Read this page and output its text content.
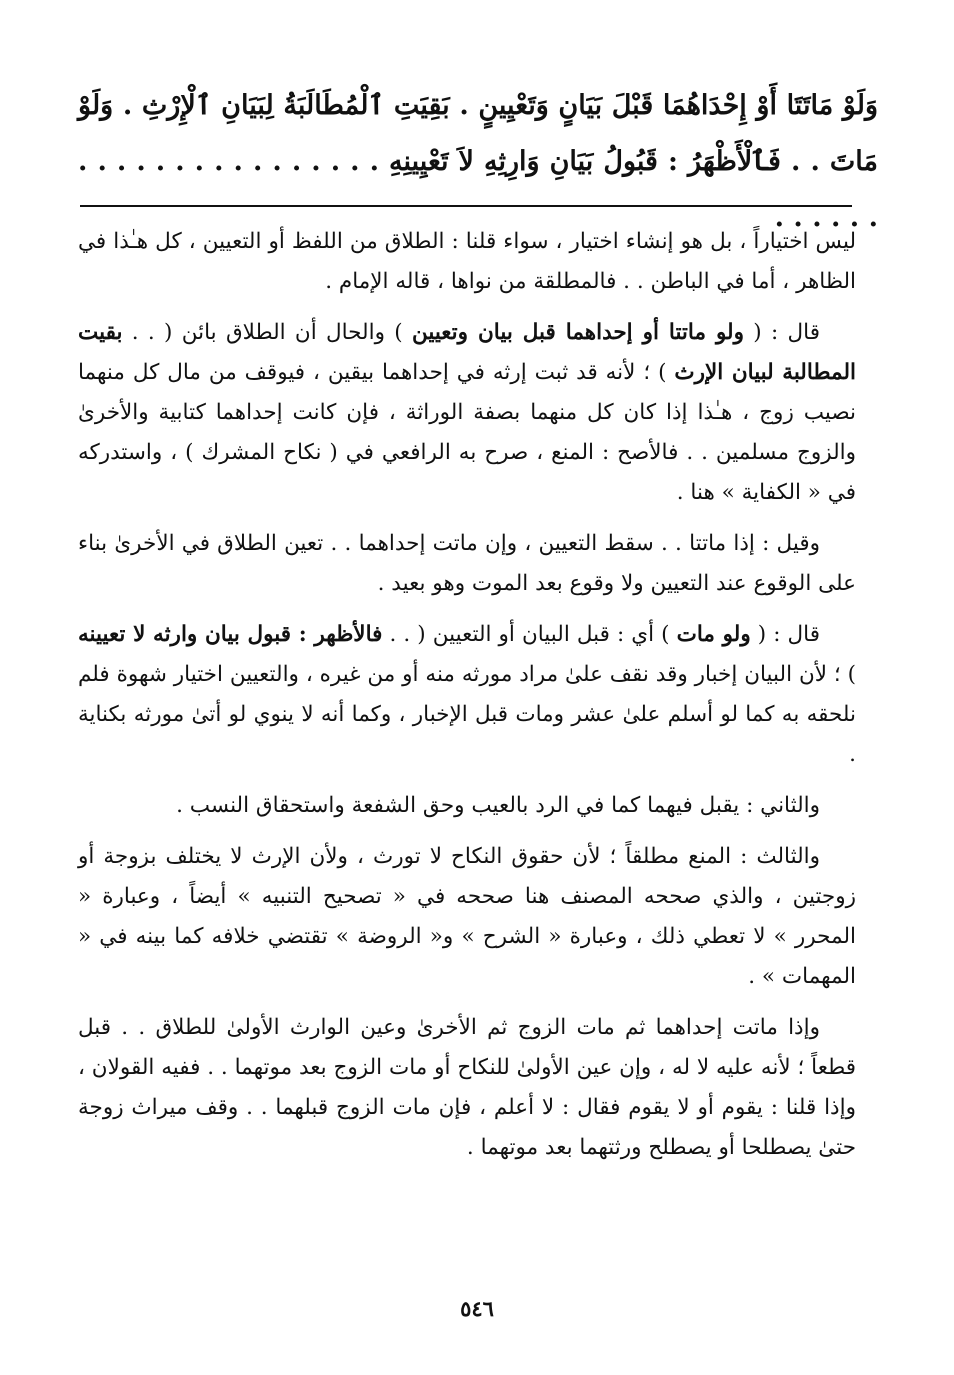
وَلَوْ مَاتَتَا أَوْ إِحْدَاهُمَا قَبْلَ بَيَانٍ وَتَعْيِينٍ . بَقِيَتِ ٱلْمُطَالَبَةُ لِبَيَانِ ٱلْإِرْثِ . وَلَوْ مَاتَ . . فَٱلْأَظْهَرُ : قَبُولُ بَيَانِ وَارِثِهِ لاَ تَعْيِينِهِ . . . . . . . . . . . . . . . . . . . . . .

ليس اختياراً ، بل هو إنشاء اختيار ، سواء قلنا : الطلاق من اللفظ أو التعيين ، كل هـٰذا في الظاهر ، أما في الباطن . . فالمطلقة من نواها ، قاله الإمام .

قال : ( ولو ماتتا أو إحداهما قبل بيان وتعيين ) والحال أن الطلاق بائن ( . . بقيت المطالبة لبيان الإرث ) ؛ لأنه قد ثبت إرثه في إحداهما بيقين ، فيوقف من مال كل منهما نصيب زوج ، هـٰذا إذا كان كل منهما بصفة الوراثة ، فإن كانت إحداهما كتابية والأخرىٰ والزوج مسلمين . . فالأصح : المنع ، صرح به الرافعي في ( نكاح المشرك ) ، واستدركه في « الكفاية » هنا .

وقيل : إذا ماتتا . . سقط التعيين ، وإن ماتت إحداهما . . تعين الطلاق في الأخرىٰ بناء على الوقوع عند التعيين ولا وقوع بعد الموت وهو بعيد .

قال : ( ولو مات ) أي : قبل البيان أو التعيين ( . . فالأظهر : قبول بيان وارثه لا تعيينه ) ؛ لأن البيان إخبار وقد نقف علىٰ مراد مورثه منه أو من غيره ، والتعيين اختيار شهوة فلم نلحقه به كما لو أسلم علىٰ عشر ومات قبل الإخبار ، وكما أنه لا ينوي لو أتىٰ مورثه بكناية .

والثاني : يقبل فيهما كما في الرد بالعيب وحق الشفعة واستحقاق النسب .

والثالث : المنع مطلقاً ؛ لأن حقوق النكاح لا تورث ، ولأن الإرث لا يختلف بزوجة أو زوجتين ، والذي صححه المصنف هنا صححه في « تصحيح التنبيه » أيضاً ، وعبارة « المحرر » لا تعطي ذلك ، وعبارة « الشرح » و« الروضة » تقتضي خلافه كما بينه في « المهمات » .

وإذا ماتت إحداهما ثم مات الزوج ثم الأخرىٰ وعين الوارث الأولىٰ للطلاق . . قبل قطعاً ؛ لأنه عليه لا له ، وإن عين الأولىٰ للنكاح أو مات الزوج بعد موتهما . . ففيه القولان ، وإذا قلنا : يقوم أو لا يقوم فقال : لا أعلم ، فإن مات الزوج قبلهما . . وقف ميراث زوجة حتىٰ يصطلحا أو يصطلح ورثتهما بعد موتهما .

٥٤٦
